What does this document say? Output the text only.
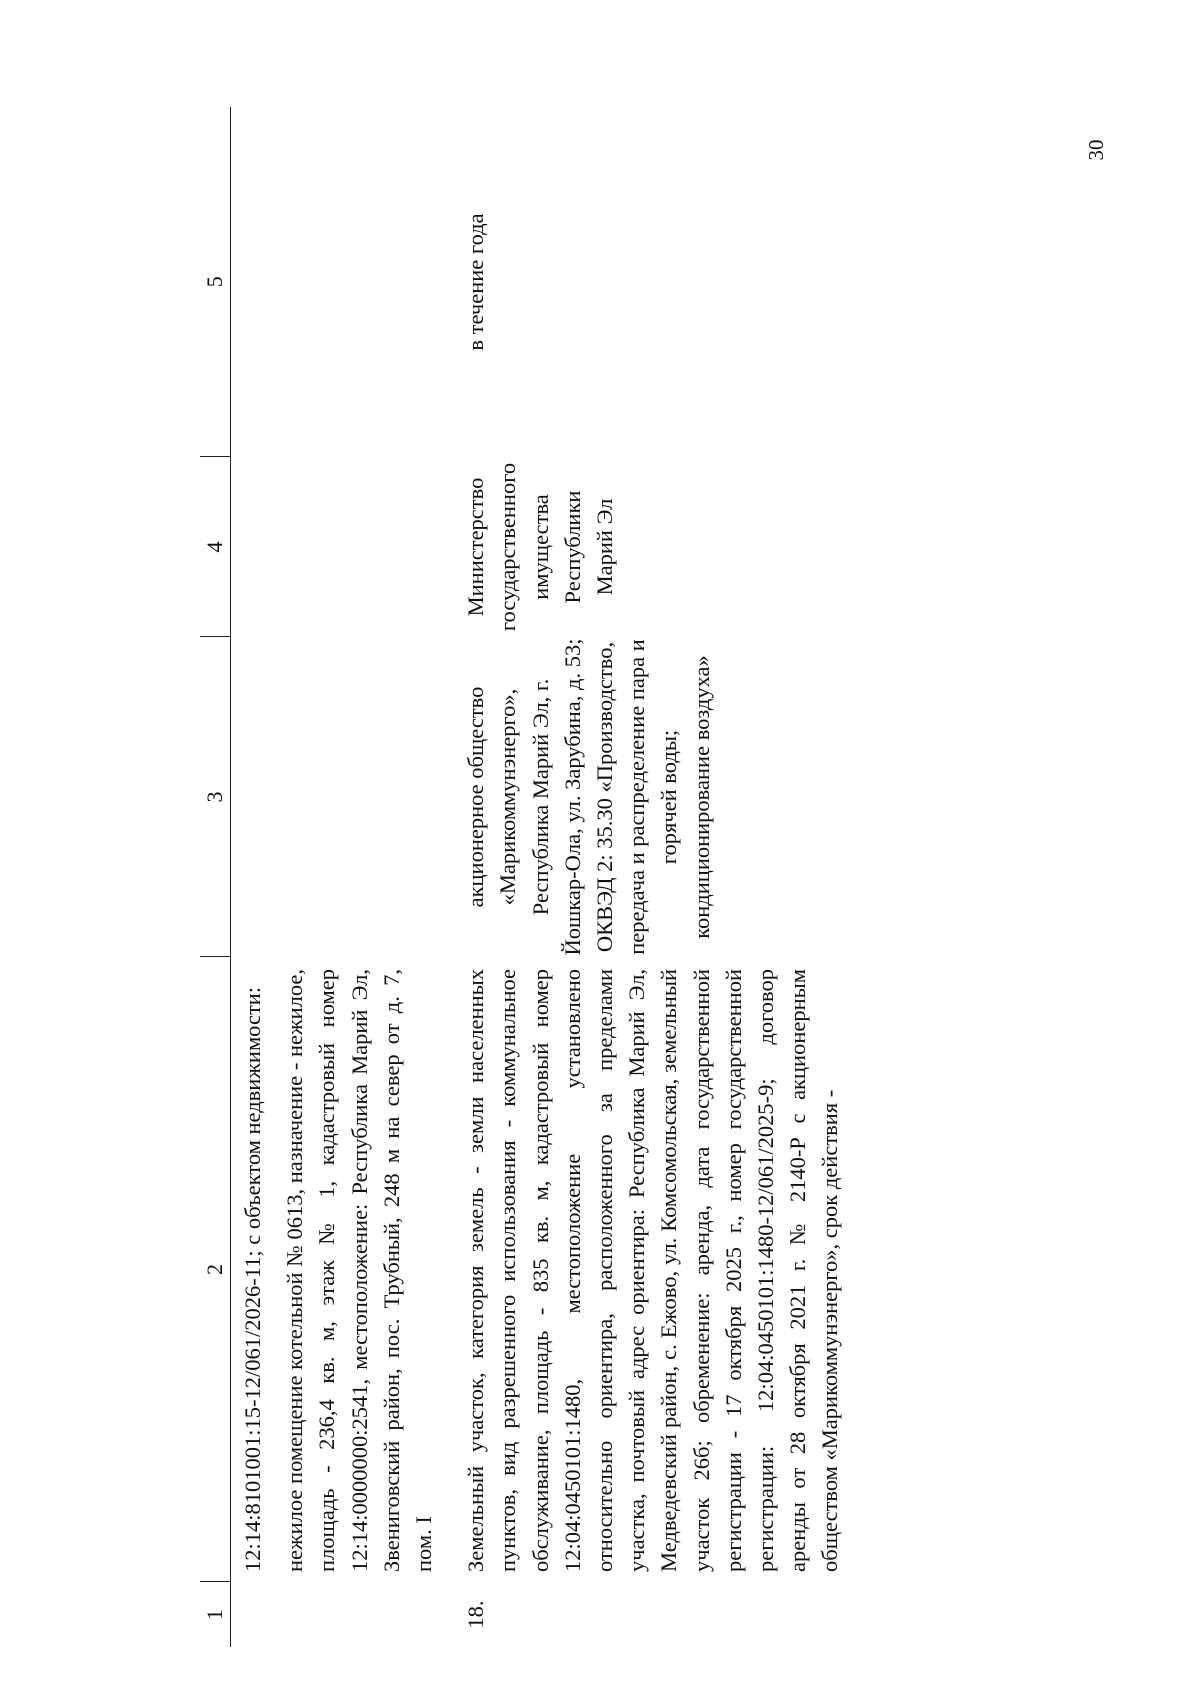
30
1	2	3	4	5

	12:14:8101001:15-12/061/2026-11; с объектом недвижимости: нежилое помещение котельной № 0613, назначение - нежилое, площадь - 236,4 кв. м, этаж № 1, кадастровый номер 12:14:0000000:2541, местоположение: Республика Марий Эл, Звениговский район, пос. Трубный, 248 м на север от д. 7, пом. I			

18.	Земельный участок, категория земель - земли населенных пунктов, вид разрешенного использования - коммунальное обслуживание, площадь - 835 кв. м, кадастровый номер 12:04:0450101:1480, местоположение установлено относительно ориентира, расположенного за пределами участка, почтовый адрес ориентира: Республика Марий Эл, Медведевский район, с. Ежово, ул. Комсомольская, земельный участок 26б; обременение: аренда, дата государственной регистрации - 17 октября 2025 г., номер государственной регистрации: 12:04:0450101:1480-12/061/2025-9; договор аренды от 28 октября 2021 г. № 2140-Р с акционерным обществом «Марикоммунэнерго», срок действия -	акционерное общество «Марикоммунэнерго», Республика Марий Эл, г. Йошкар-Ола, ул. Зарубина, д. 53; ОКВЭД 2: 35.30 «Производство, передача и распределение пара и горячей воды; кондиционирование воздуха»	Министерство государственного имущества Республики Марий Эл	в течение года
